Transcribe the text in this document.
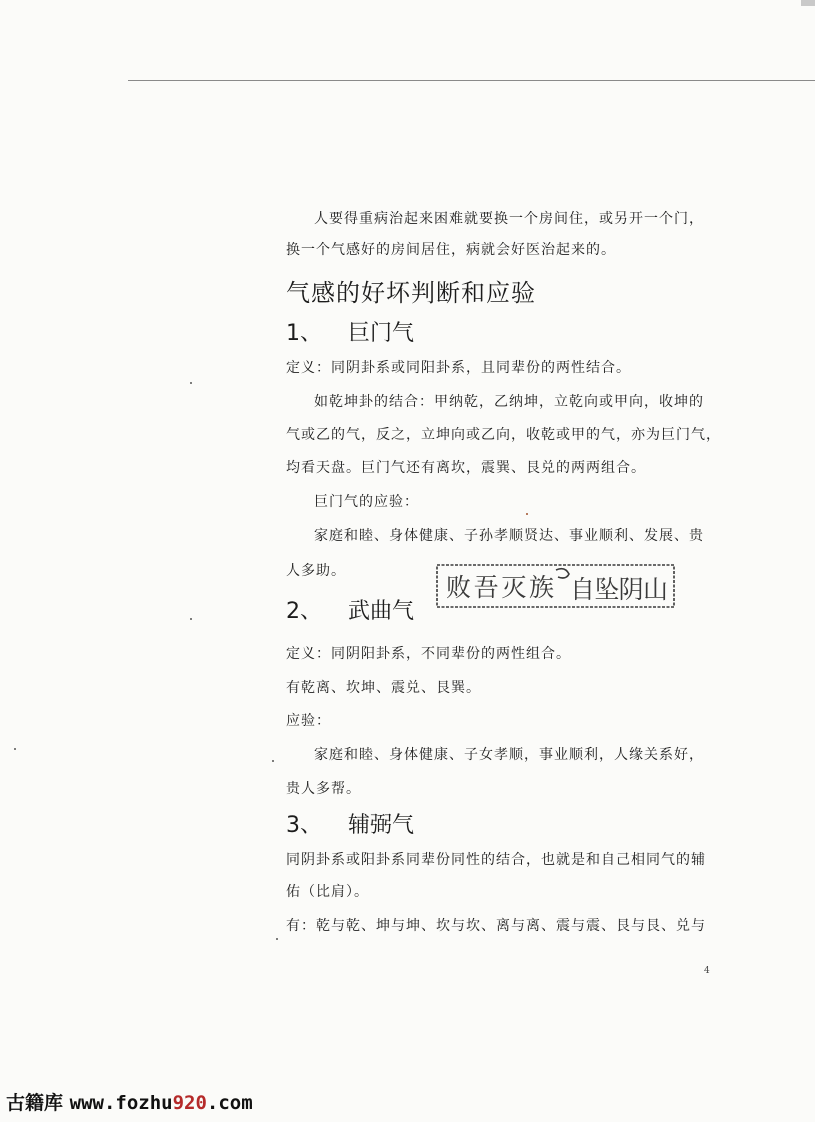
人要得重病治起来困难就要换一个房间住，或另开一个门，
换一个气感好的房间居住，病就会好医治起来的。
气感的好坏判断和应验
1、 巨门气
定义：同阴卦系或同阳卦系，且同辈份的两性结合。
如乾坤卦的结合：甲纳乾，乙纳坤，立乾向或甲向，收坤的
气或乙的气，反之，立坤向或乙向，收乾或甲的气，亦为巨门气，
均看天盘。巨门气还有离坎，震巽、艮兑的两两组合。
巨门气的应验：
家庭和睦、身体健康、子孙孝顺贤达、事业顺利、发展、贵
人多助。
败吾灭族 自坠阴山
2、 武曲气
定义：同阴阳卦系，不同辈份的两性组合。
有乾离、坎坤、震兑、艮巽。
应验：
家庭和睦、身体健康、子女孝顺，事业顺利，人缘关系好，
贵人多帮。
3、 辅弼气
同阴卦系或阳卦系同辈份同性的结合，也就是和自己相同气的辅
佑（比肩）。
有：乾与乾、坤与坤、坎与坎、离与离、震与震、艮与艮、兑与
4
古籍库 www.fozhu920.com
